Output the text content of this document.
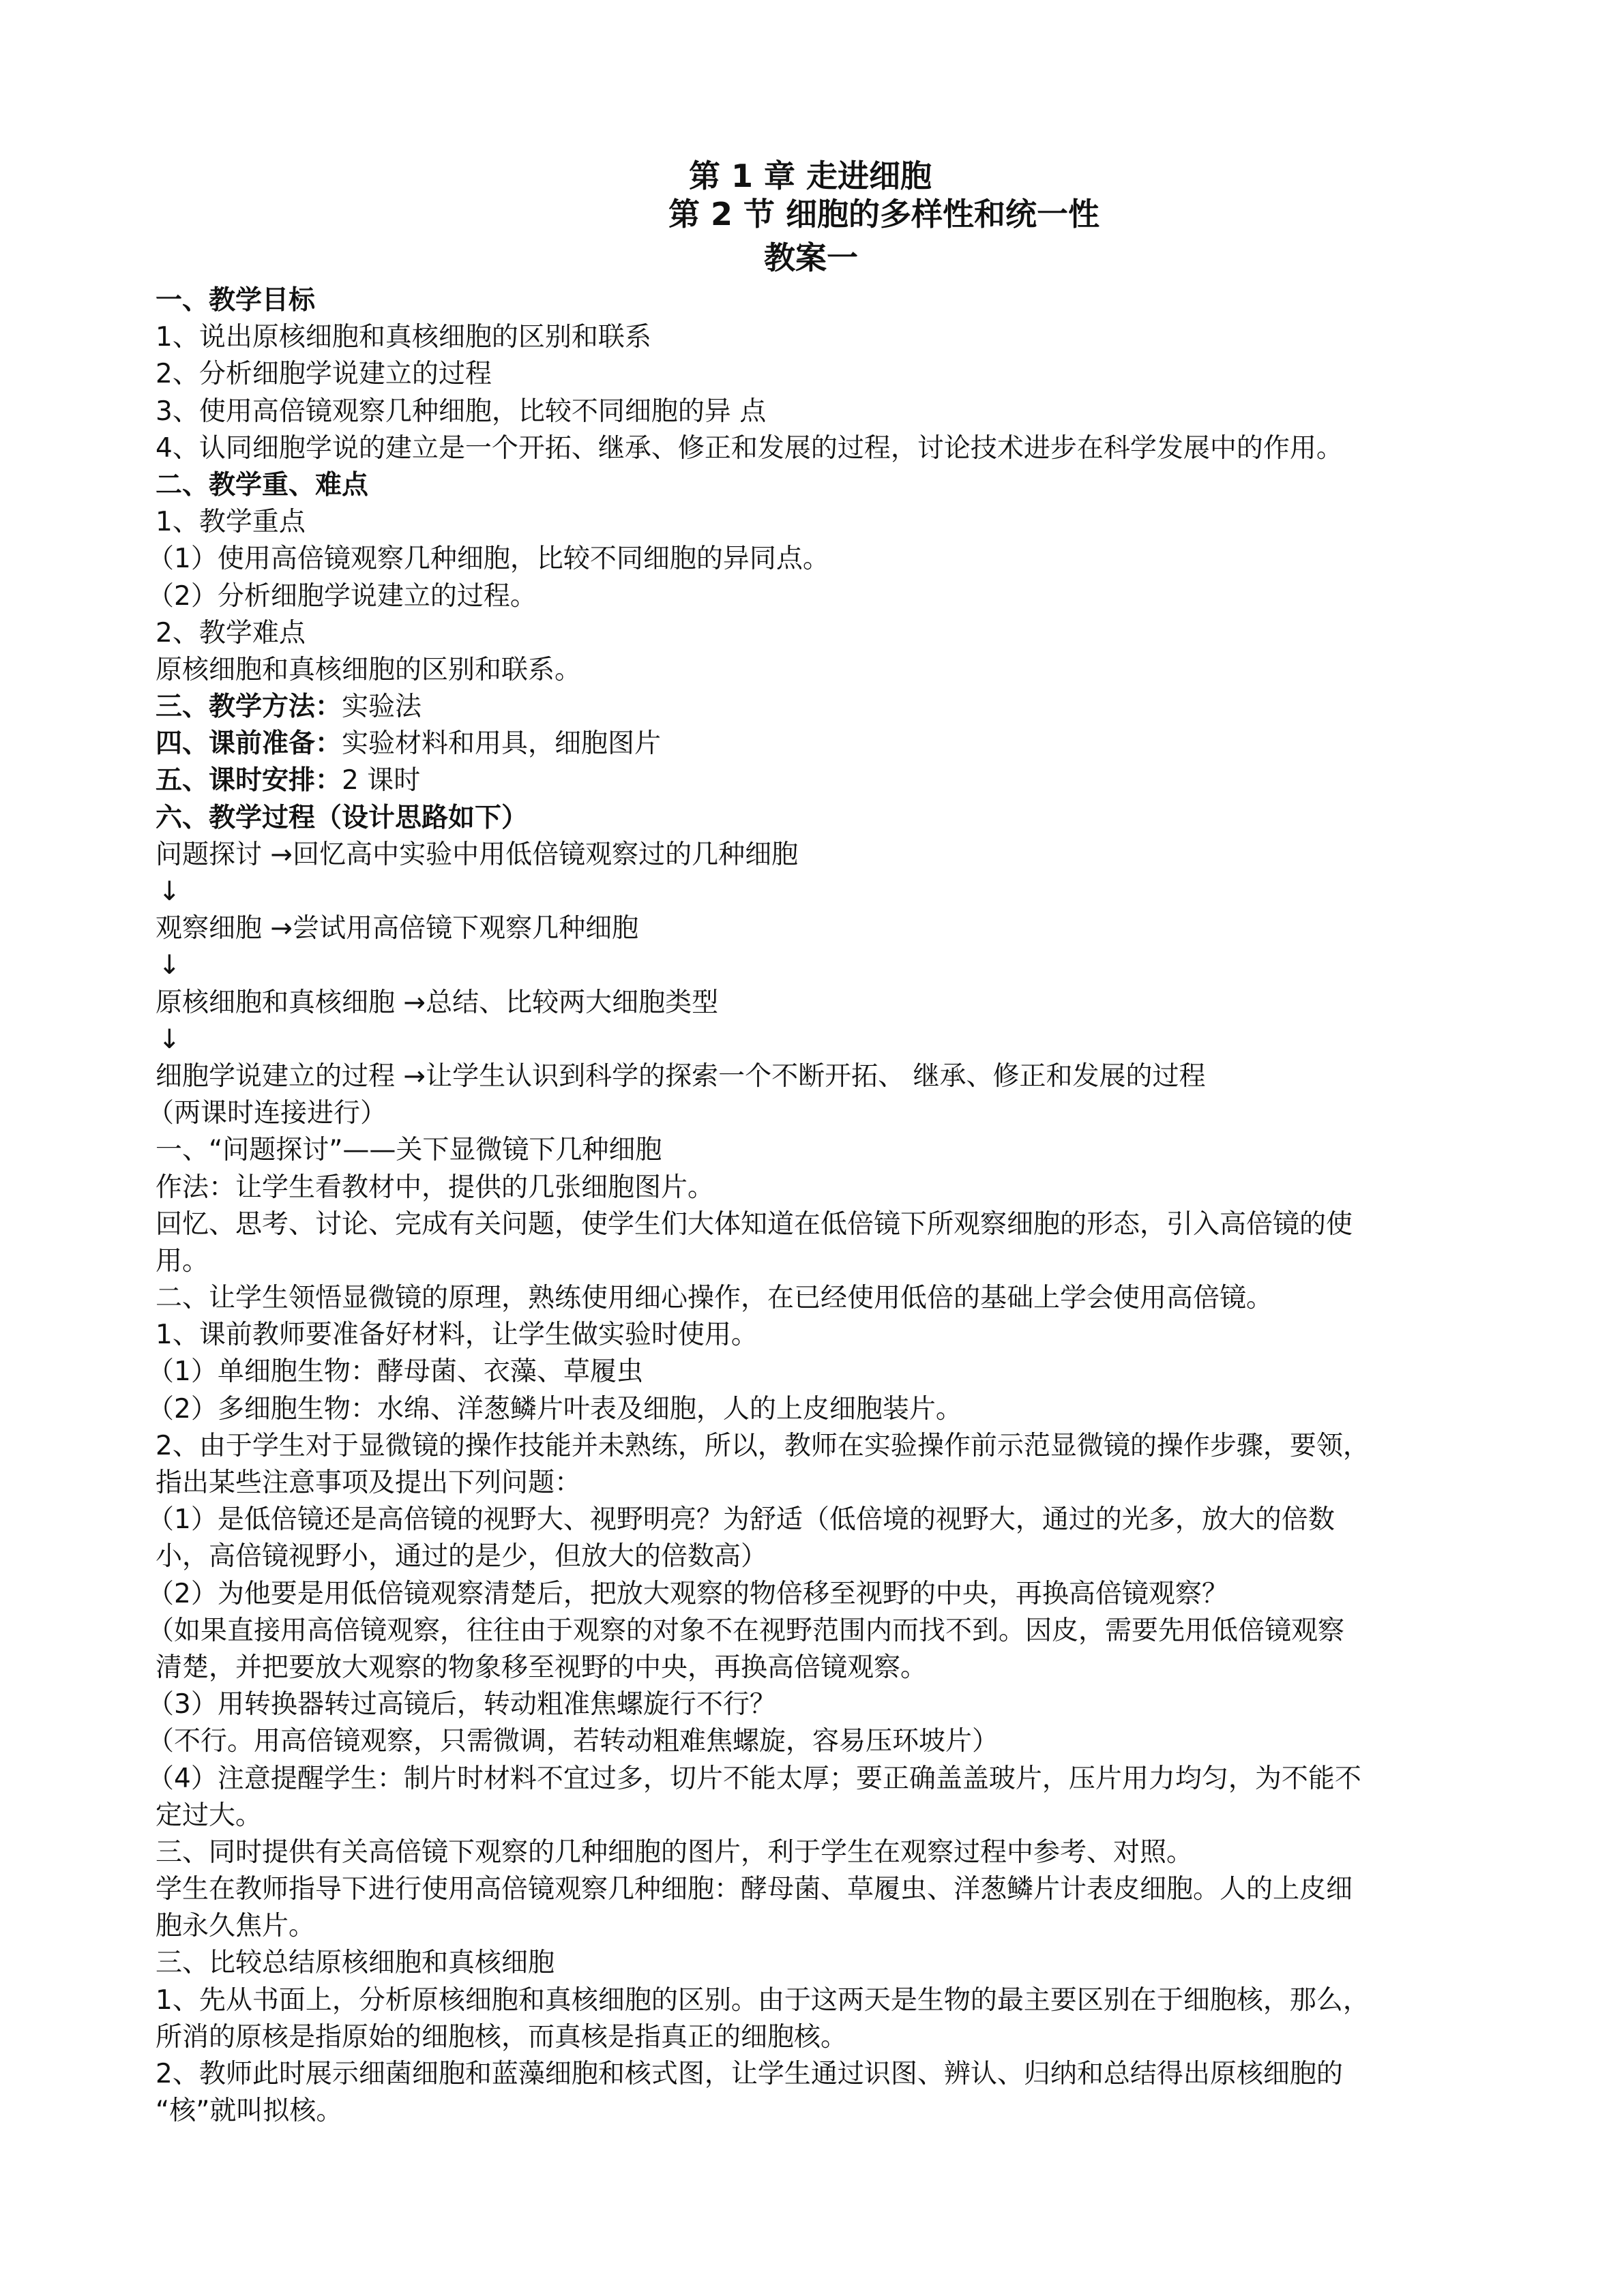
第 1 章 走进细胞
第 2 节 细胞的多样性和统一性
教案一
一、教学目标
1、说出原核细胞和真核细胞的区别和联系
2、分析细胞学说建立的过程
3、使用高倍镜观察几种细胞，比较不同细胞的异 点
4、认同细胞学说的建立是一个开拓、继承、修正和发展的过程，讨论技术进步在科学发展中的作用。
二、教学重、难点
1、教学重点
（1）使用高倍镜观察几种细胞，比较不同细胞的异同点。
（2）分析细胞学说建立的过程。
2、教学难点
原核细胞和真核细胞的区别和联系。
三、教学方法：实验法
四、课前准备：实验材料和用具，细胞图片
五、课时安排：2 课时
六、教学过程（设计思路如下）
问题探讨 →回忆高中实验中用低倍镜观察过的几种细胞
↓
观察细胞 →尝试用高倍镜下观察几种细胞
↓
原核细胞和真核细胞 →总结、比较两大细胞类型
↓
细胞学说建立的过程 →让学生认识到科学的探索一个不断开拓、 继承、修正和发展的过程
（两课时连接进行）
一、“问题探讨”——关下显微镜下几种细胞
作法：让学生看教材中，提供的几张细胞图片。
回忆、思考、讨论、完成有关问题，使学生们大体知道在低倍镜下所观察细胞的形态，引入高倍镜的使
用。
二、让学生领悟显微镜的原理，熟练使用细心操作，在已经使用低倍的基础上学会使用高倍镜。
1、课前教师要准备好材料，让学生做实验时使用。
（1）单细胞生物：酵母菌、衣藻、草履虫
（2）多细胞生物：水绵、洋葱鳞片叶表及细胞，人的上皮细胞装片。
2、由于学生对于显微镜的操作技能并未熟练，所以，教师在实验操作前示范显微镜的操作步骤，要领，
指出某些注意事项及提出下列问题：
（1）是低倍镜还是高倍镜的视野大、视野明亮？为舒适（低倍境的视野大，通过的光多，放大的倍数
小，高倍镜视野小，通过的是少，但放大的倍数高）
（2）为他要是用低倍镜观察清楚后，把放大观察的物倍移至视野的中央，再换高倍镜观察？
（如果直接用高倍镜观察，往往由于观察的对象不在视野范围内而找不到。因皮，需要先用低倍镜观察
清楚，并把要放大观察的物象移至视野的中央，再换高倍镜观察。
（3）用转换器转过高镜后，转动粗准焦螺旋行不行？
（不行。用高倍镜观察，只需微调，若转动粗难焦螺旋，容易压环坡片）
（4）注意提醒学生：制片时材料不宜过多，切片不能太厚；要正确盖盖玻片，压片用力均匀，为不能不
定过大。
三、同时提供有关高倍镜下观察的几种细胞的图片，利于学生在观察过程中参考、对照。
学生在教师指导下进行使用高倍镜观察几种细胞：酵母菌、草履虫、洋葱鳞片计表皮细胞。人的上皮细
胞永久焦片。
三、比较总结原核细胞和真核细胞
1、先从书面上，分析原核细胞和真核细胞的区别。由于这两天是生物的最主要区别在于细胞核，那么，
所消的原核是指原始的细胞核，而真核是指真正的细胞核。
2、教师此时展示细菌细胞和蓝藻细胞和核式图，让学生通过识图、辨认、归纳和总结得出原核细胞的
“核”就叫拟核。
